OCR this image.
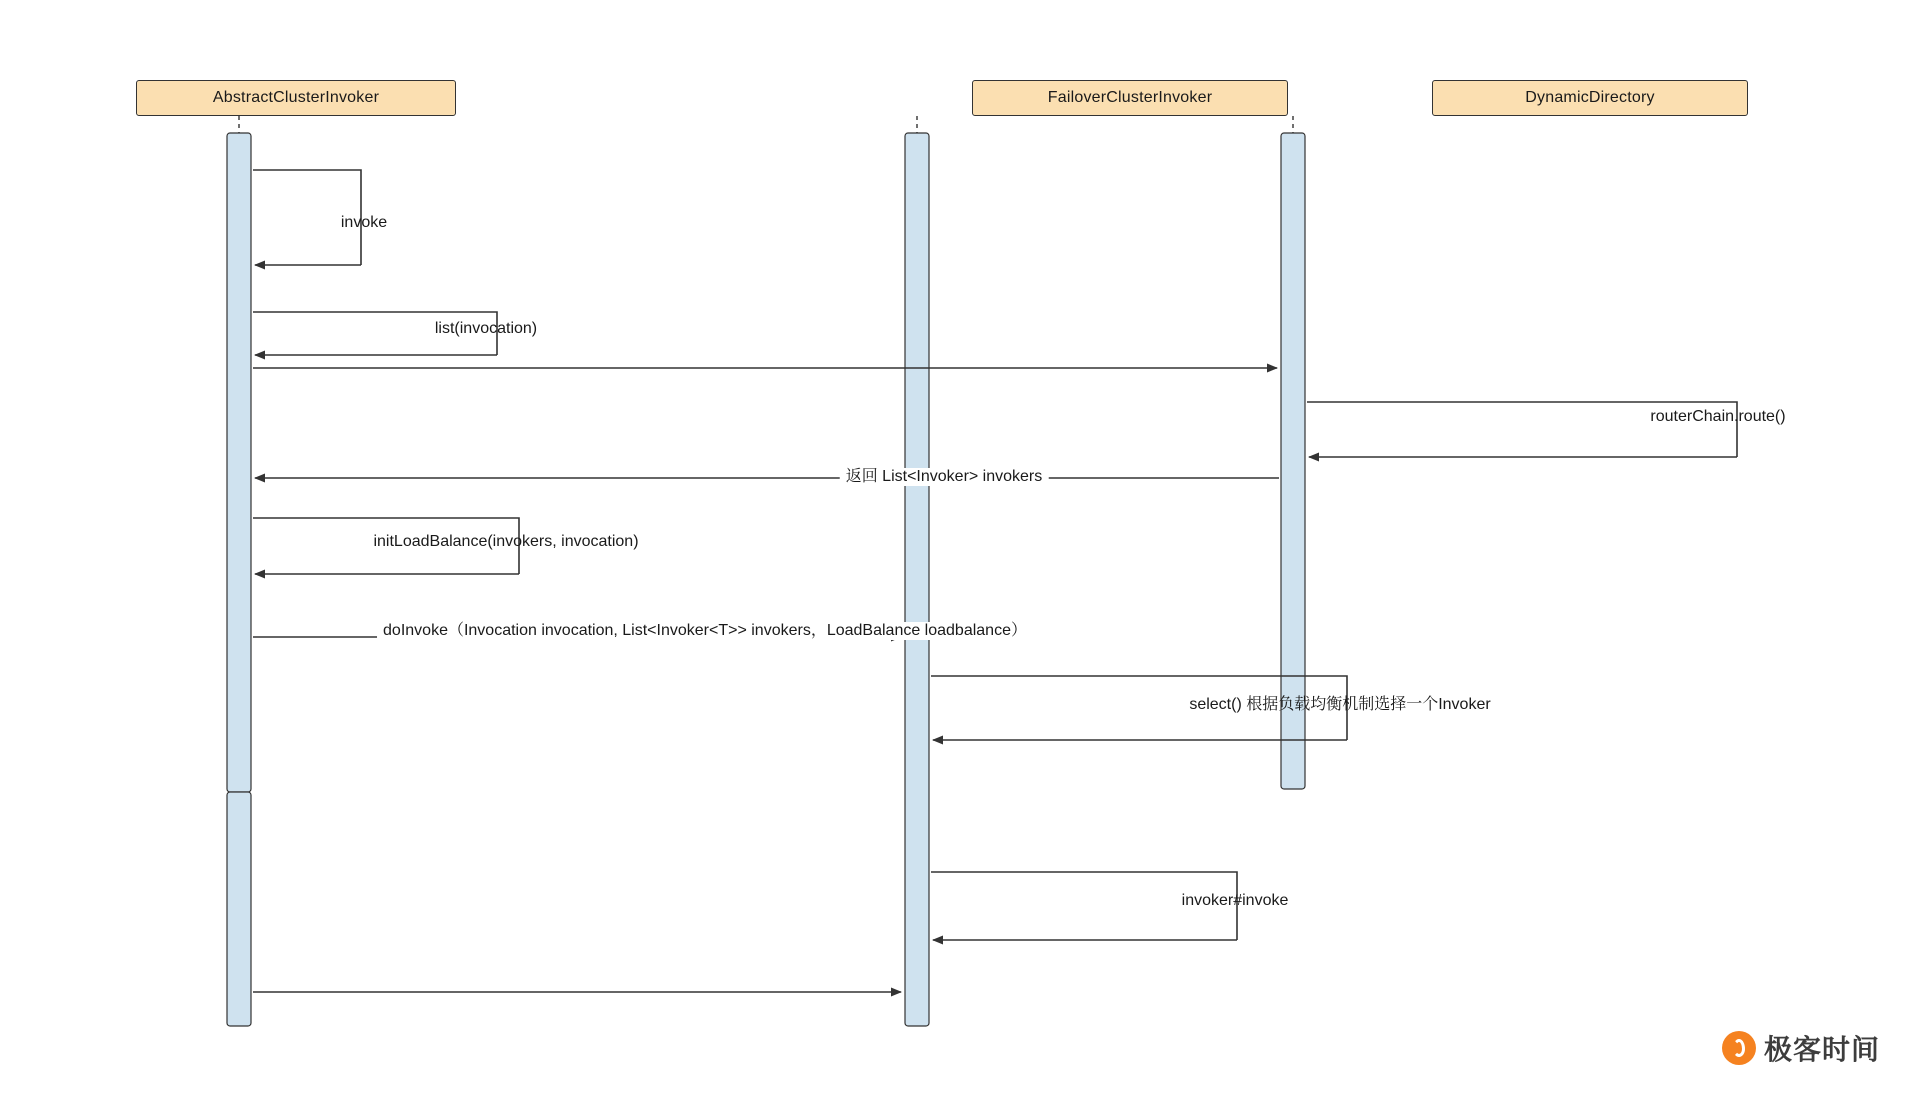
AbstractClusterInvoker	FailoverClusterInvoker	DynamicDirectory
invoke
list(invocation)
routerChain.route()
返回 List<Invoker> invokers
initLoadBalance(invokers, invocation)
doInvoke（Invocation invocation, List<Invoker<T>> invokers，LoadBalance loadbalance）
select() 根据负载均衡机制选择一个Invoker
invoker#invoke
极客时间
